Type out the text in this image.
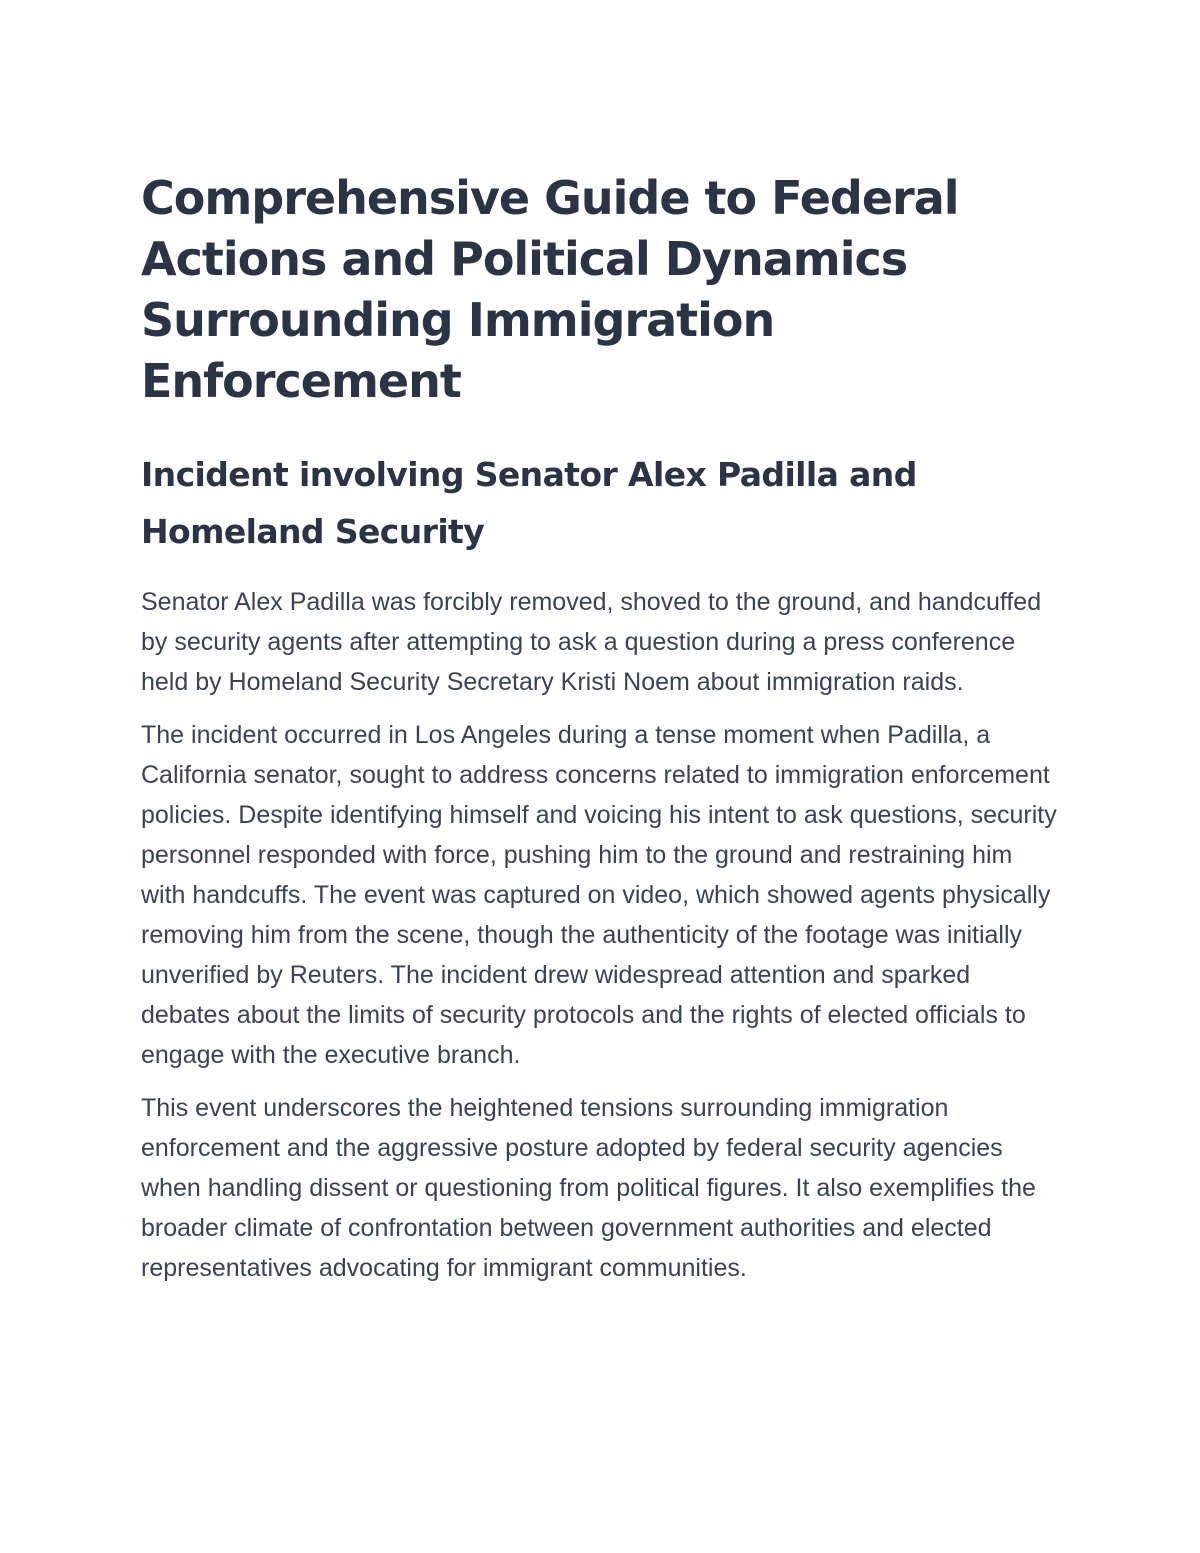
Comprehensive Guide to Federal Actions and Political Dynamics Surrounding Immigration Enforcement
Incident involving Senator Alex Padilla and Homeland Security

Senator Alex Padilla was forcibly removed, shoved to the ground, and handcuffed by security agents after attempting to ask a question during a press conference held by Homeland Security Secretary Kristi Noem about immigration raids.

The incident occurred in Los Angeles during a tense moment when Padilla, a California senator, sought to address concerns related to immigration enforcement policies. Despite identifying himself and voicing his intent to ask questions, security personnel responded with force, pushing him to the ground and restraining him with handcuffs. The event was captured on video, which showed agents physically removing him from the scene, though the authenticity of the footage was initially unverified by Reuters. The incident drew widespread attention and sparked debates about the limits of security protocols and the rights of elected officials to engage with the executive branch.

This event underscores the heightened tensions surrounding immigration enforcement and the aggressive posture adopted by federal security agencies when handling dissent or questioning from political figures. It also exemplifies the broader climate of confrontation between government authorities and elected representatives advocating for immigrant communities.
